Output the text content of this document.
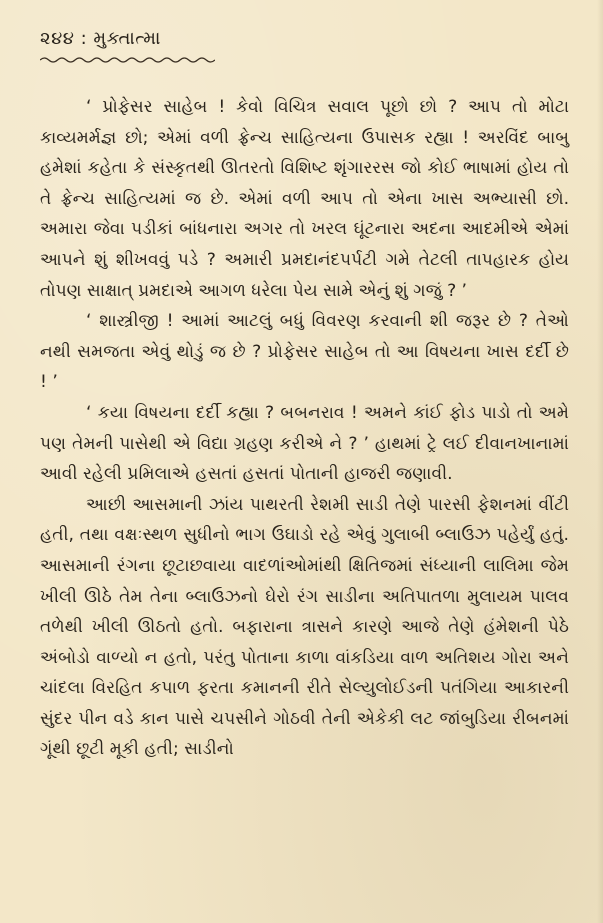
૨૪૪ : મુક્તાત્મા

‘ પ્રોફેસર સાહેબ ! કેવો વિચિત્ર સવાલ પૂછો છો ? આપ તો મોટા કાવ્યમર્મજ્ઞ છો; એમાં વળી ફ્રેન્ચ સાહિત્યના ઉપાસક રહ્યા ! અરવિંદ બાબુ હમેશાં કહેતા કે સંસ્કૃતથી ઊતરતો વિશિષ્ટ શૃંગારરસ જો કોઈ ભાષામાં હોય તો તે ફ્રેન્ચ સાહિત્યમાં જ છે. એમાં વળી આપ તો એના ખાસ અભ્યાસી છો. અમારા જેવા પડીકાં બાંધનારા અગર તો ખરલ ઘૂંટનારા અદના આદમીએ એમાં આપને શું શીખવવું પડે ? અમારી પ્રમદાનંદપર્પટી ગમે તેટલી તાપહારક હોય તોપણ સાક્ષાત્ પ્રમદાએ આગળ ધરેલા પેય સામે એનું શું ગજું ? ’

‘ શાસ્ત્રીજી ! આમાં આટલું બધું વિવરણ કરવાની શી જરૂર છે ? તેઓ નથી સમજતા એવું થોડું જ છે ? પ્રોફેસર સાહેબ તો આ વિષયના ખાસ દર્દી છે ! ’

‘ કયા વિષયના દર્દી કહ્યા ? બબનરાવ ! અમને કાંઈ ફોડ પાડો તો અમે પણ તેમની પાસેથી એ વિદ્યા ગ્રહણ કરીએ ને ? ’ હાથમાં ટ્રે લઈ દીવાનખાનામાં આવી રહેલી પ્રમિલાએ હસતાં હસતાં પોતાની હાજરી જણાવી.

આછી આસમાની ઝાંય પાથરતી રેશમી સાડી તેણે પારસી ફેશનમાં વીંટી હતી, તથા વક્ષઃસ્થળ સુધીનો ભાગ ઉઘાડો રહે એવું ગુલાબી બ્લાઉઝ પહેર્યું હતું. આસમાની રંગના છૂટાછવાયા વાદળાંઓમાંથી ક્ષિતિજમાં સંધ્યાની લાલિમા જેમ ખીલી ઊઠે તેમ તેના બ્લાઉઝનો ઘેરો રંગ સાડીના અતિપાતળા મુલાયમ પાલવ તળેથી ખીલી ઊઠતો હતો. બફારાના ત્રાસને કારણે આજે તેણે હંમેશની પેઠે અંબોડો વાળ્યો ન હતો, પરંતુ પોતાના કાળા વાંકડિયા વાળ અતિશય ગોરા અને ચાંદલા વિરહિત કપાળ ફરતા કમાનની રીતે સેલ્યુલોઈડની પતંગિયા આકારની સુંદર પીન વડે કાન પાસે ચપસીને ગોઠવી તેની એકેકી લટ જાંબુડિયા રીબનમાં ગૂંથી છૂટી મૂકી હતી; સાડીનો
